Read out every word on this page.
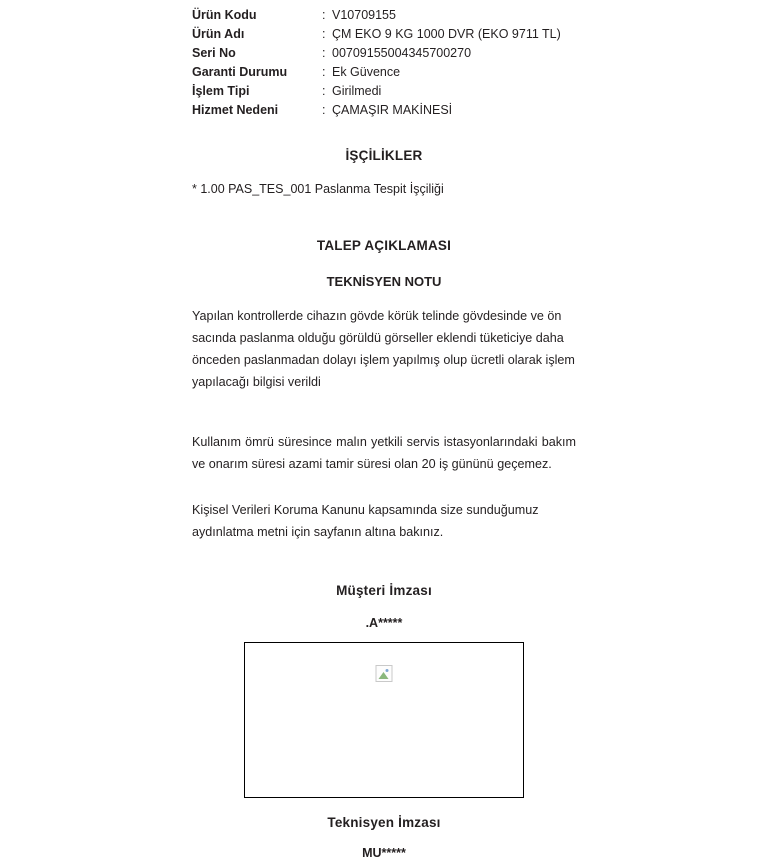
Ürün Kodu	:	V10709155
Ürün Adı	:	ÇM EKO 9 KG 1000 DVR (EKO 9711 TL)
Seri No	:	00709155004345700270
Garanti Durumu	:	Ek Güvence
İşlem Tipi	:	Girilmedi
Hizmet Nedeni	:	ÇAMAŞIR MAKİNESİ
İŞÇİLİKLER

* 1.00 PAS_TES_001 Paslanma Tespit İşçiliği

TALEP AÇIKLAMASI
TEKNİSYEN NOTU

Yapılan kontrollerde cihazın gövde körük telinde gövdesinde ve ön sacında paslanma olduğu görüldü görseller eklendi tüketiciye daha önceden paslanmadan dolayı işlem yapılmış olup ücretli olarak işlem yapılacağı bilgisi verildi

Kullanım ömrü süresince malın yetkili servis istasyonlarındaki bakım ve onarım süresi azami tamir süresi olan 20 iş gününü geçemez.

Kişisel Verileri Koruma Kanunu kapsamında size sunduğumuz aydınlatma metni için sayfanın altına bakınız.

Müşteri İmzası
.A*****
Teknisyen İmzası
MU*****
